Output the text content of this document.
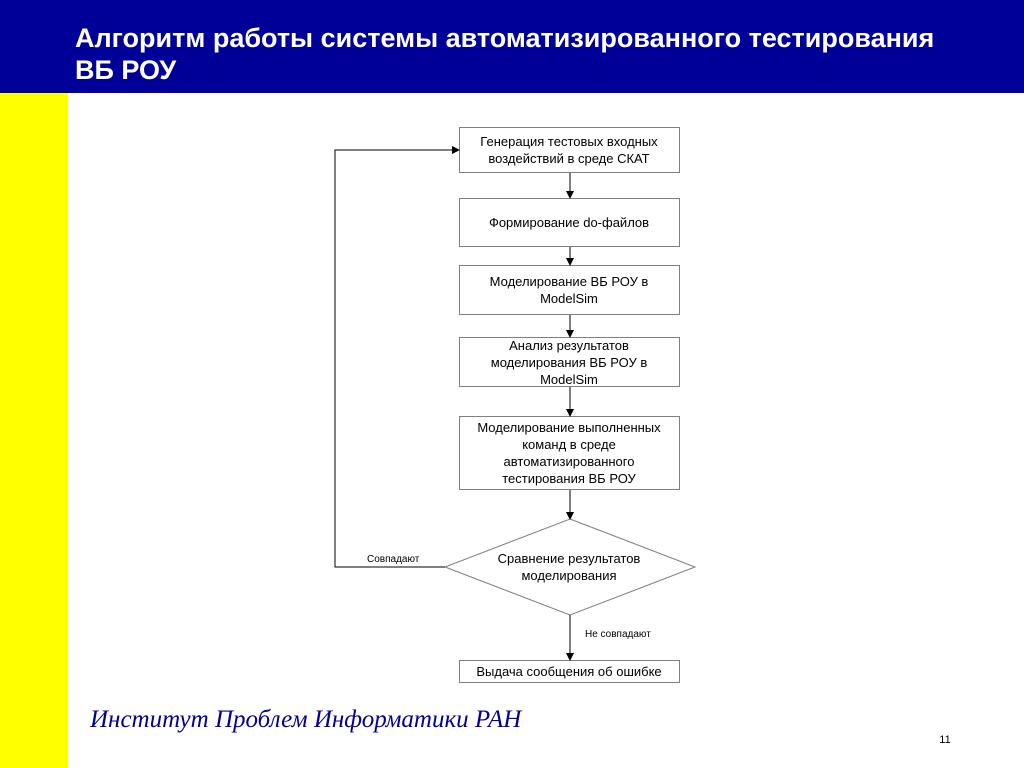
Алгоритм работы системы автоматизированного тестирования ВБ РОУ
Генерация тестовых входных воздействий в среде СКАТ
Формирование do-файлов
Моделирование ВБ РОУ в ModelSim
Анализ результатов моделирования ВБ РОУ в ModelSim
Моделирование выполненных команд в среде автоматизированного тестирования ВБ РОУ
Сравнение результатов моделирования
Выдача сообщения об ошибке
Совпадают
Не совпадают
Институт Проблем Информатики РАН
11
